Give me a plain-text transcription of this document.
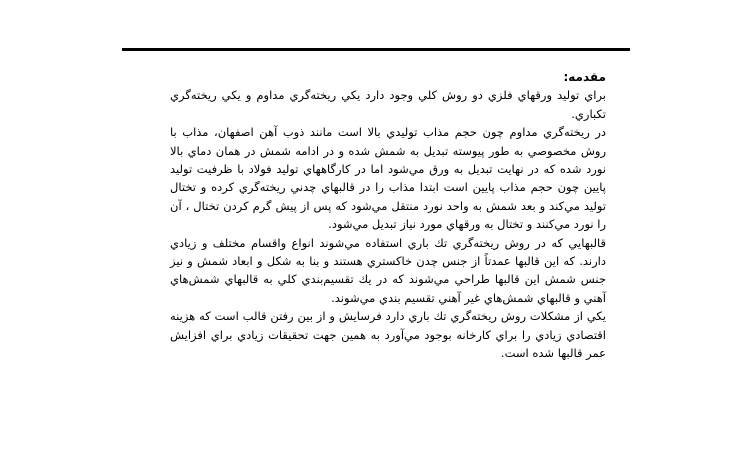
مقدمه:

براي توليد ورقهاي فلزي دو روش كلي وجود دارد يكي ريخته‌گري مداوم و يكي ريخته‌گري تكباري.

در ريخته‌گري مداوم چون حجم مذاب توليدي بالا است مانند ذوب آهن اصفهان، مذاب با روش مخصوصي به طور پيوسته تبديل به شمش شده و در ادامه شمش در همان دماي بالا نورد شده كه در نهايت تبديل به ورق مي‌شود اما در كارگاههاي توليد فولاد با ظرفيت توليد پايين چون حجم مذاب پايين است ابتدا مذاب را در قالبهاي چدني ريخته‌گري كرده و تختال توليد مي‌كند و بعد شمش به واحد نورد منتقل مي‌شود كه پس از پيش گرم كردن تختال ، آن را نورد مي‌كنند و تختال به ورقهاي مورد نياز تبديل مي‌شود.

قالبهايي كه در روش ريخته‌گري تك باري استفاده مي‌شوند انواع واقسام مختلف و زيادي دارند. كه اين قالبها عمدتاً از جنس چدن خاكستري هستند و بنا به شكل و ابعاد شمش و نيز جنس شمش اين قالبها طراحي مي‌شوند كه در يك تقسيم‌بندي كلي به قالبهاي شمش‌هاي آهني و قالبهاي شمش‌هاي غير آهني تقسيم بندي مي‌شوند.

يكي از مشكلات روش ريخته‌گري تك باري دارد فرسايش و از بين رفتن قالب است كه هزينه اقتصادي زيادي را براي كارخانه بوجود مي‌آورد به همين جهت تحقيقات زيادي براي افزايش عمر قالبها شده است.
